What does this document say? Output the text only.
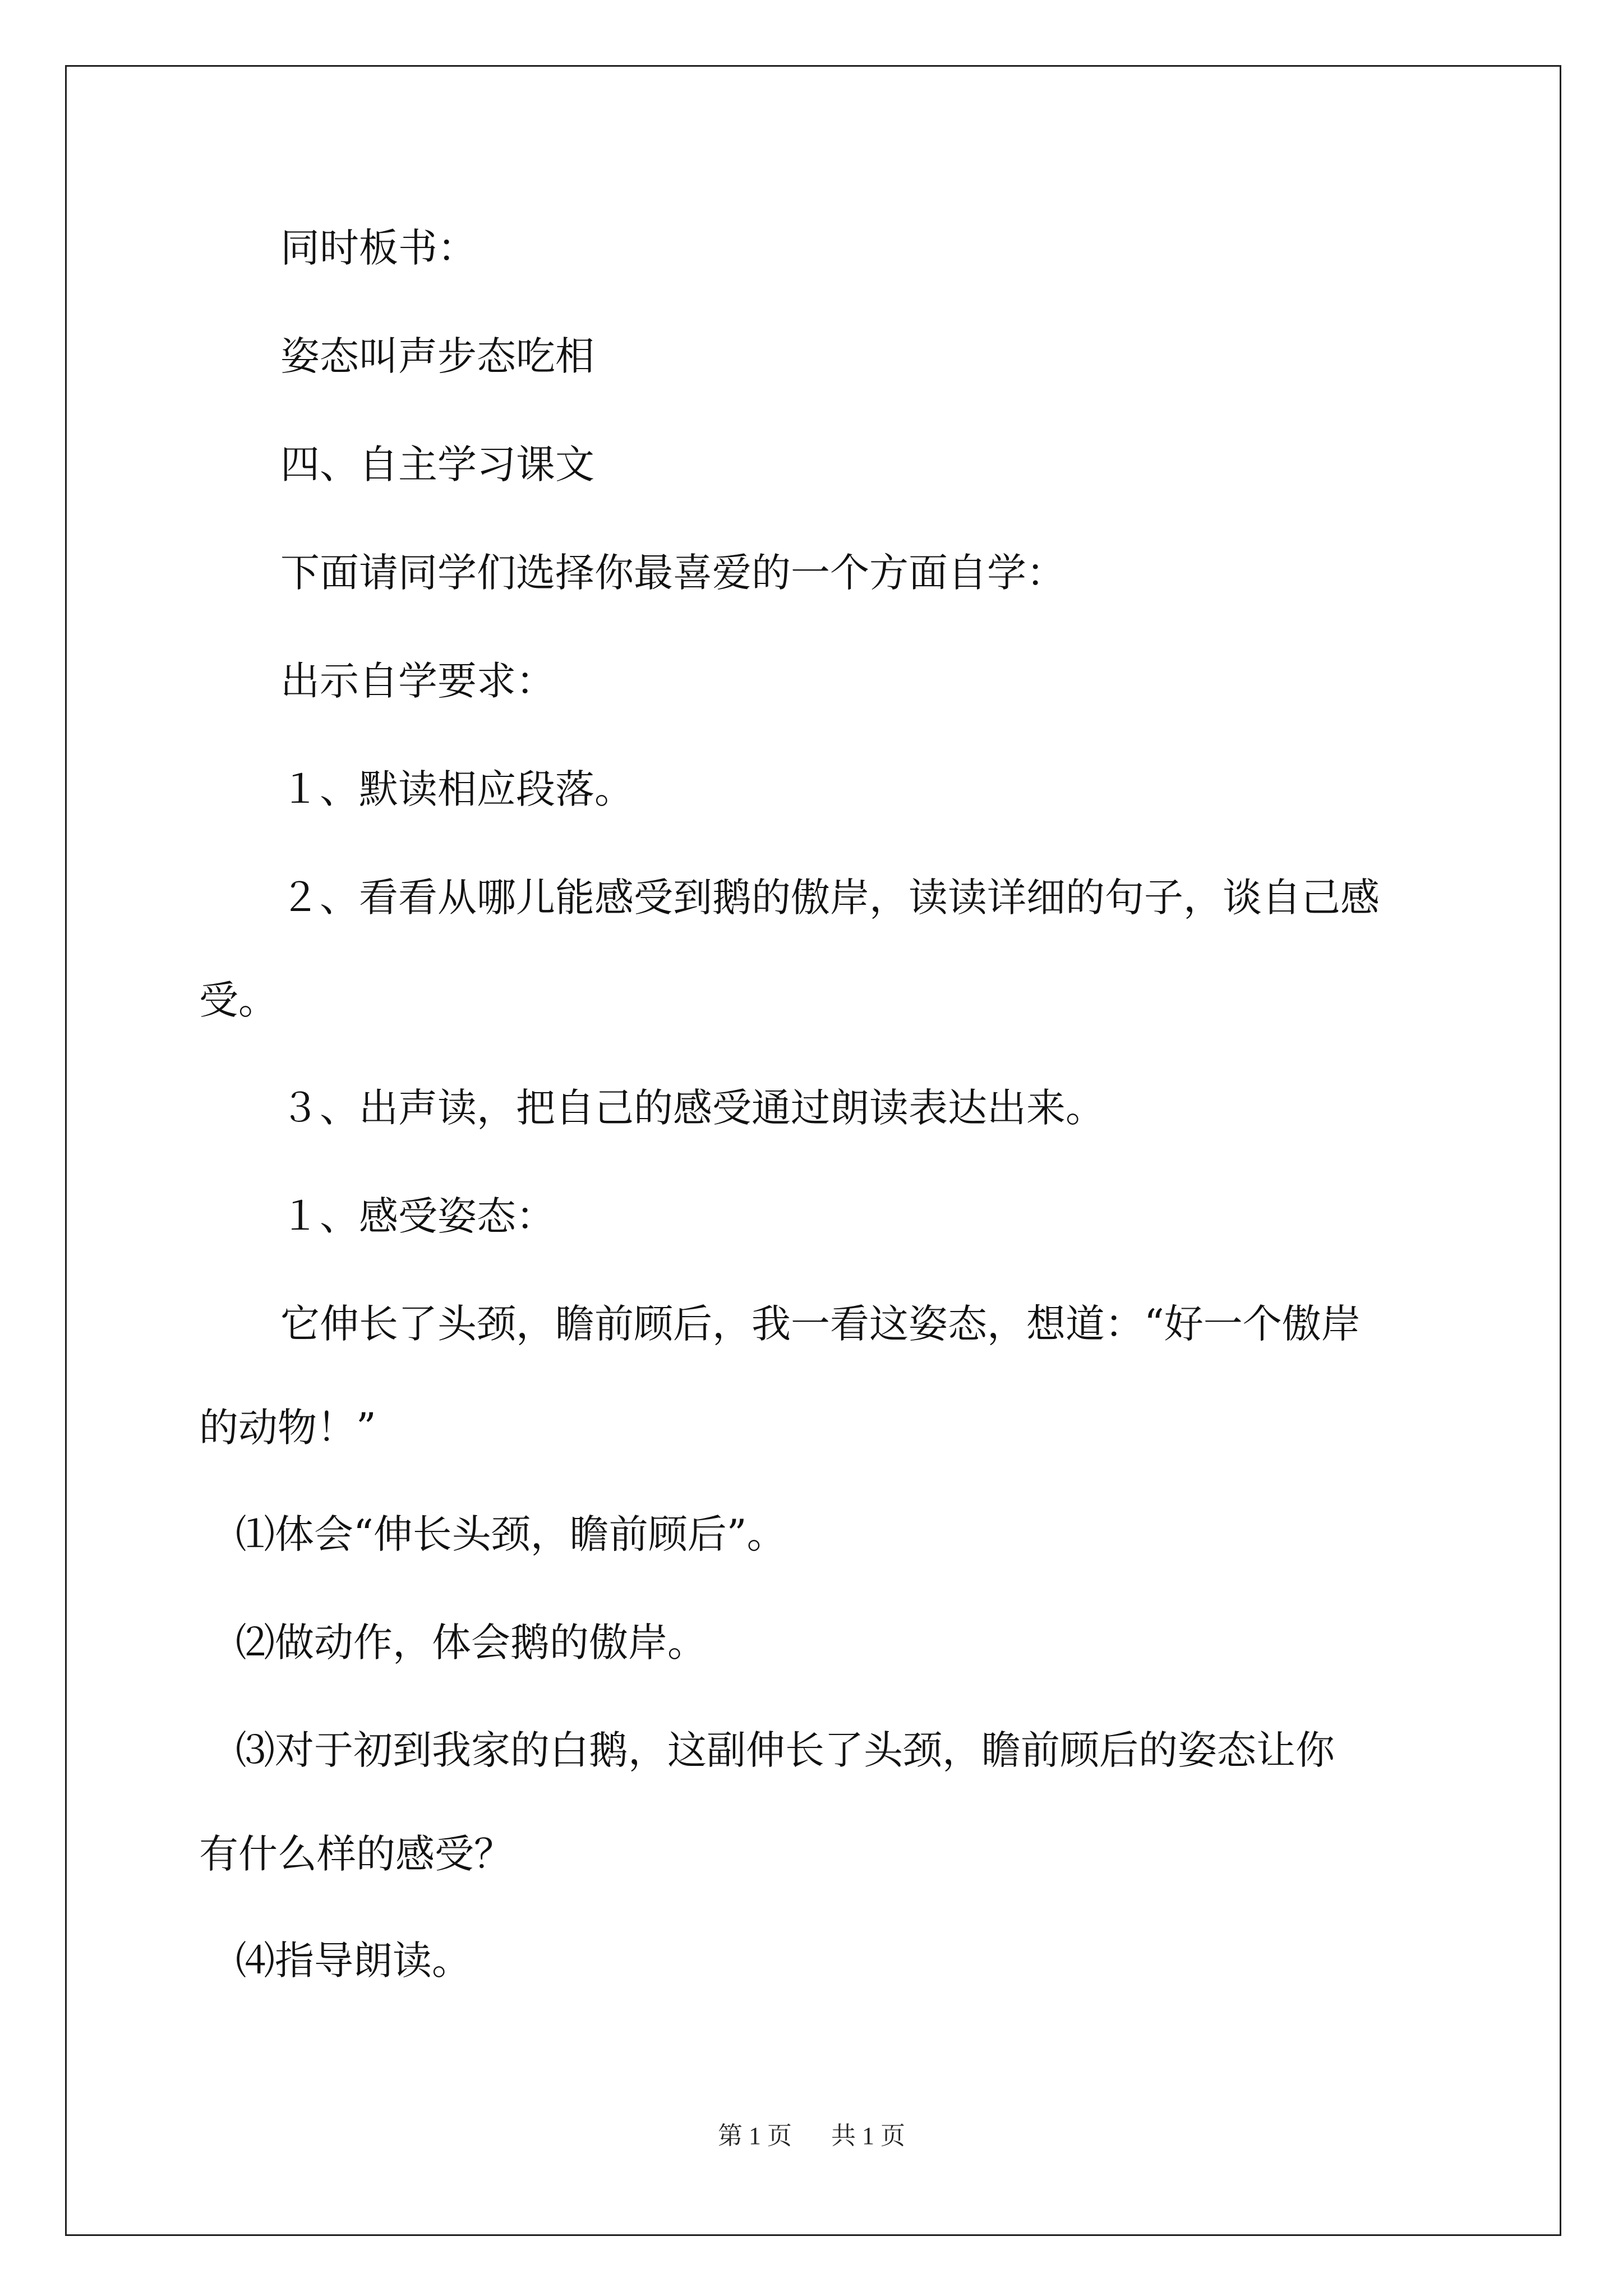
同时板书：
姿态叫声步态吃相
四、自主学习课文
下面请同学们选择你最喜爱的一个方面自学：
出示自学要求：
１、默读相应段落。
２、看看从哪儿能感受到鹅的傲岸，读读详细的句子，谈自己感
受。
３、出声读，把自己的感受通过朗读表达出来。
１、感受姿态：
它伸长了头颈，瞻前顾后，我一看这姿态，想道：“好一个傲岸
的动物！”
⑴体会“伸长头颈，瞻前顾后”。
⑵做动作，体会鹅的傲岸。
⑶对于初到我家的白鹅，这副伸长了头颈，瞻前顾后的姿态让你
有什么样的感受？
⑷指导朗读。
第 1 页 共 1 页
